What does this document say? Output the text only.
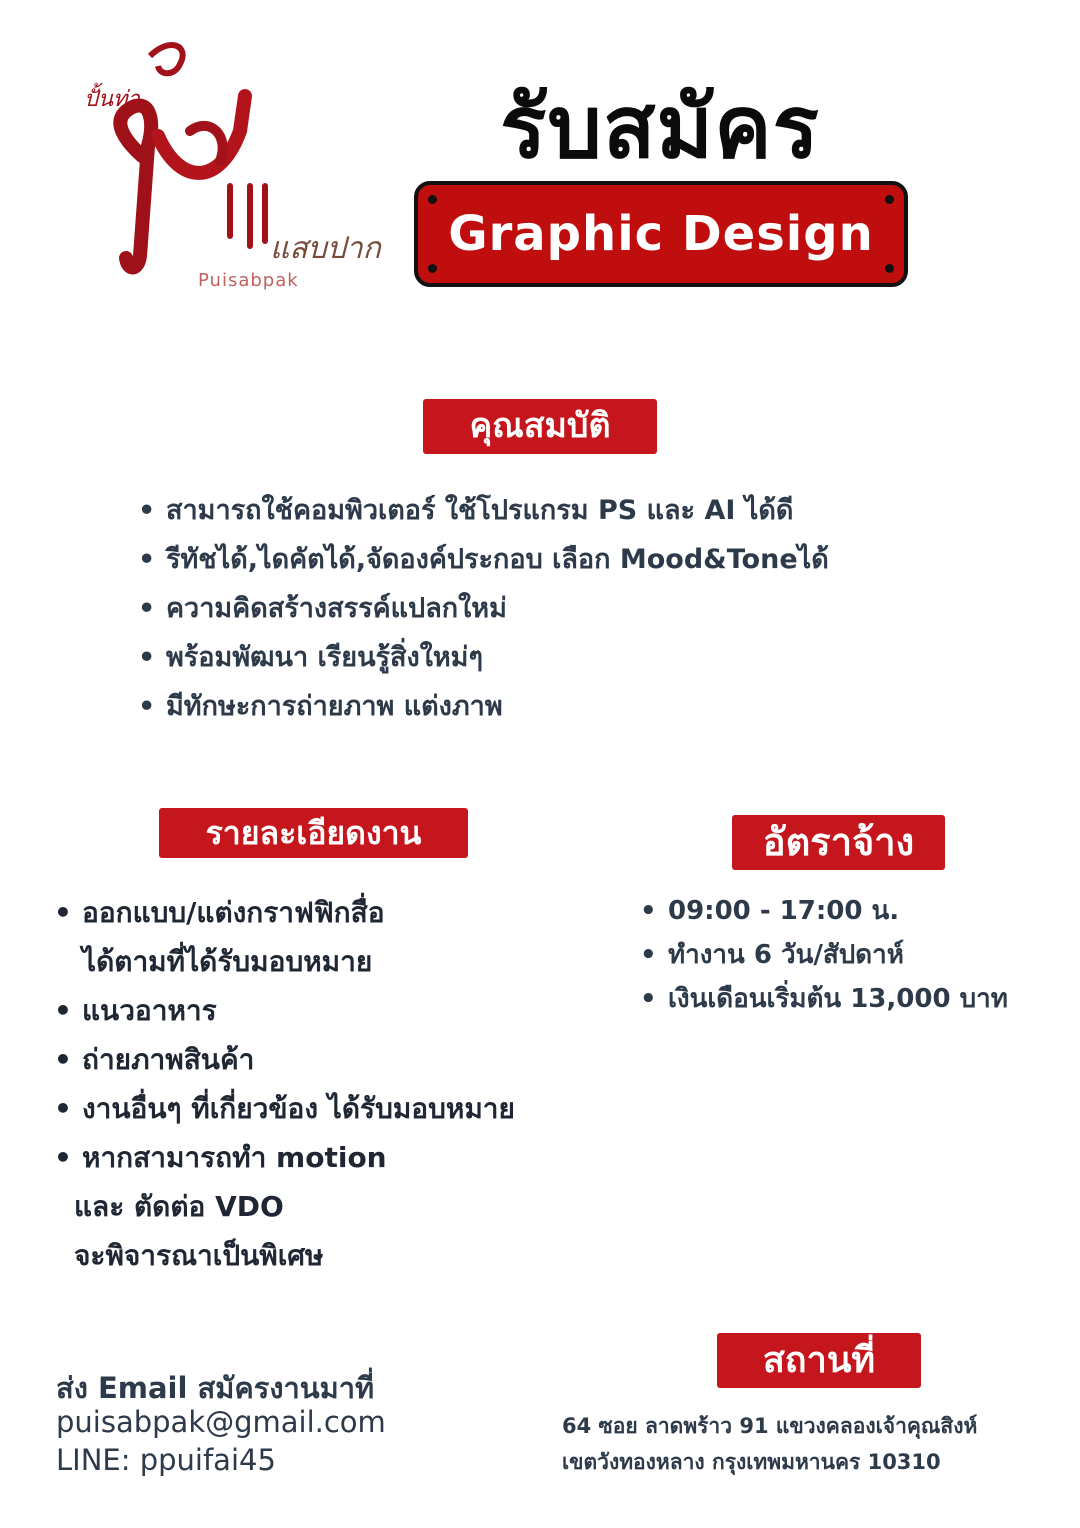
ปั้นท่า
แสบปาก
Puisabpak
รับสมัคร
Graphic Design
คุณสมบัติ
• สามารถใช้คอมพิวเตอร์ ใช้โปรแกรม PS และ AI ได้ดี
• รีทัชได้,ไดคัตได้,จัดองค์ประกอบ เลือก Mood&Toneได้
• ความคิดสร้างสรรค์แปลกใหม่
• พร้อมพัฒนา เรียนรู้สิ่งใหม่ๆ
• มีทักษะการถ่ายภาพ แต่งภาพ
รายละเอียดงาน
• ออกแบบ/แต่งกราฟฟิกสื่อ
ได้ตามที่ได้รับมอบหมาย
• แนวอาหาร
• ถ่ายภาพสินค้า
• งานอื่นๆ ที่เกี่ยวข้อง ได้รับมอบหมาย
• หากสามารถทำ motion
และ ตัดต่อ VDO
จะพิจารณาเป็นพิเศษ
อัตราจ้าง
• 09:00 - 17:00 น.
• ทำงาน 6 วัน/สัปดาห์
• เงินเดือนเริ่มต้น 13,000 บาท
ส่ง Email สมัครงานมาที่
puisabpak@gmail.com
LINE: ppuifai45
สถานที่
64 ซอย ลาดพร้าว 91 แขวงคลองเจ้าคุณสิงห์
เขตวังทองหลาง กรุงเทพมหานคร 10310
